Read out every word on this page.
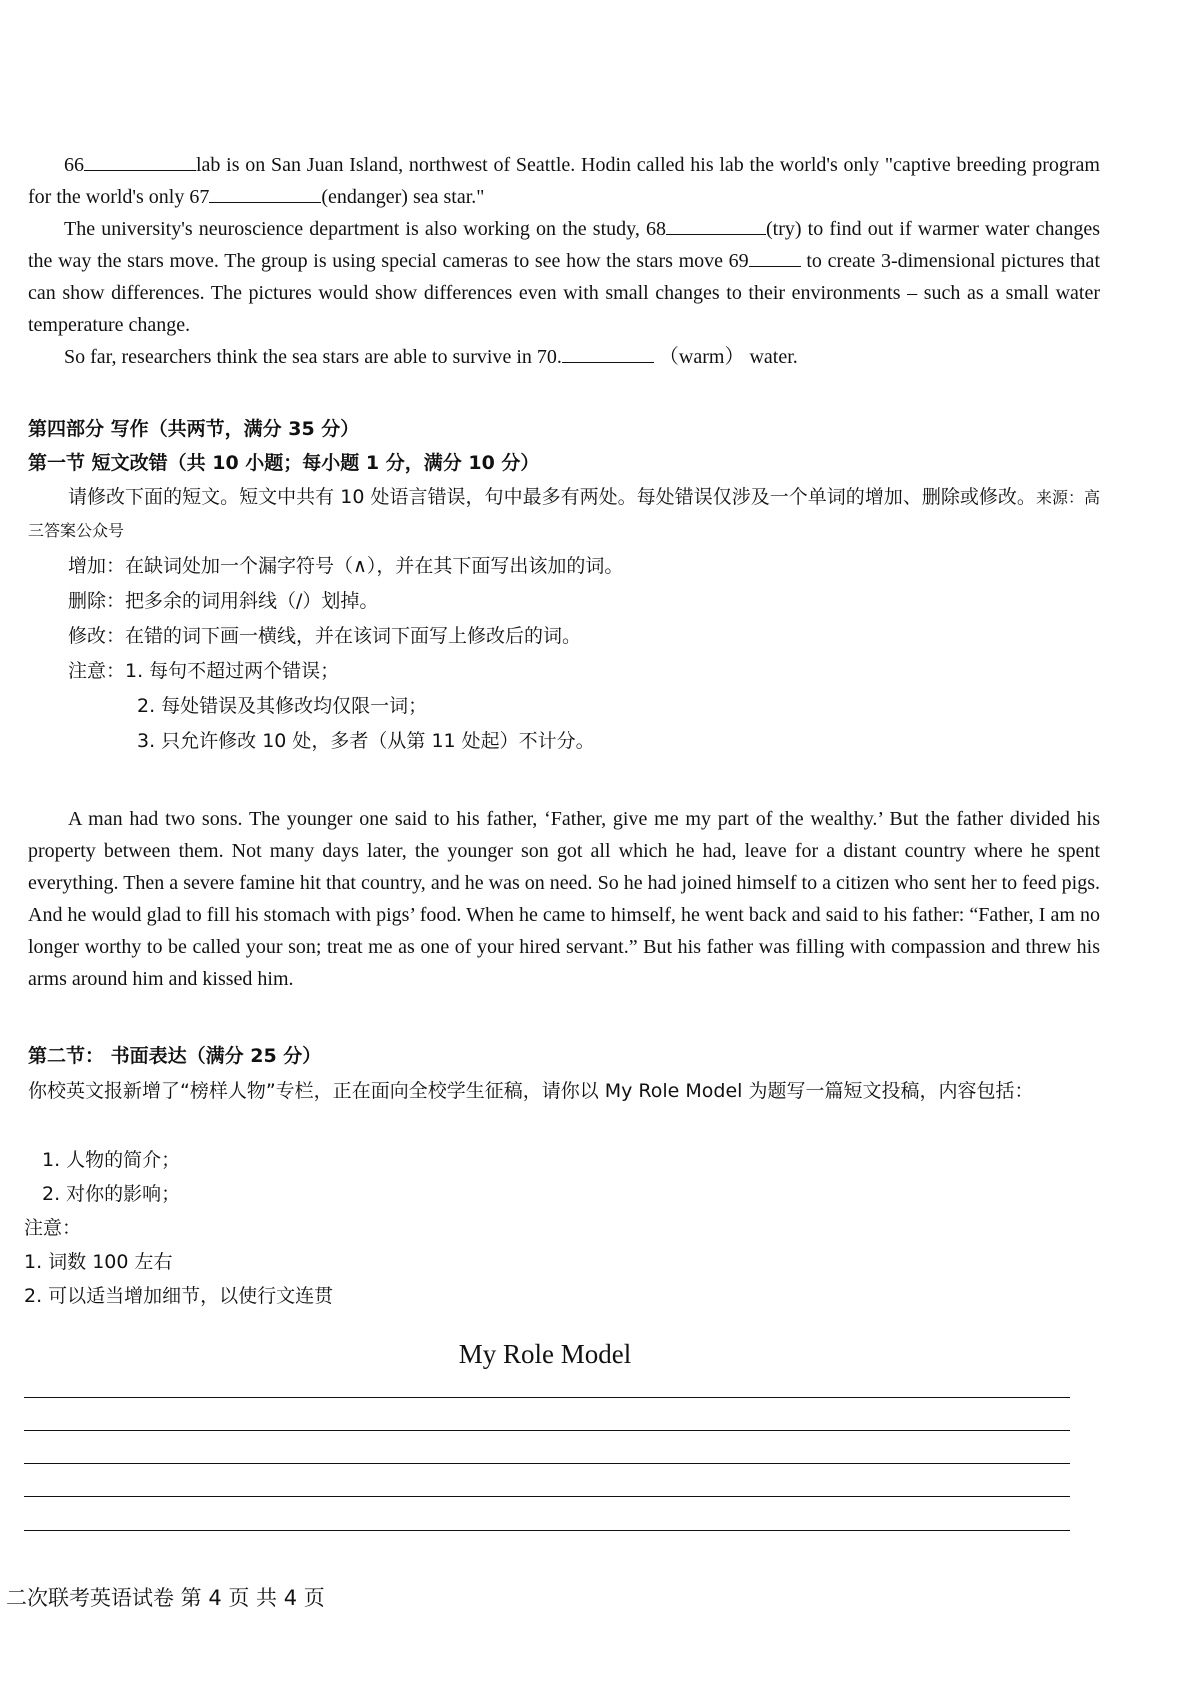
66	lab is on San Juan Island, northwest of Seattle. Hodin called his lab the world's only "captive breeding program for the world's only 67	(endanger) sea star."
The university's neuroscience department is also working on the study, 68	(try) to find out if warmer water changes the way the stars move. The group is using special cameras to see how the stars move 69	to create 3-dimensional pictures that can show differences. The pictures would show differences even with small changes to their environments – such as a small water temperature change.
So far, researchers think the sea stars are able to survive in 70.	（warm） water.
第四部分 写作（共两节，满分 35 分）
第一节 短文改错（共 10 小题；每小题 1 分，满分 10 分）
请修改下面的短文。短文中共有 10 处语言错误，句中最多有两处。每处错误仅涉及一个单词的增加、删除或修改。来源：高三答案公众号
增加：在缺词处加一个漏字符号（∧），并在其下面写出该加的词。
删除：把多余的词用斜线（/）划掉。
修改：在错的词下画一横线，并在该词下面写上修改后的词。
注意：1. 每句不超过两个错误；
2. 每处错误及其修改均仅限一词；
3. 只允许修改 10 处，多者（从第 11 处起）不计分。
A man had two sons. The younger one said to his father, ‘Father, give me my part of the wealthy.’ But the father divided his property between them. Not many days later, the younger son got all which he had, leave for a distant country where he spent everything. Then a severe famine hit that country, and he was on need. So he had joined himself to a citizen who sent her to feed pigs. And he would glad to fill his stomach with pigs’ food. When he came to himself, he went back and said to his father: “Father, I am no longer worthy to be called your son; treat me as one of your hired servant.” But his father was filling with compassion and threw his arms around him and kissed him.
第二节： 书面表达（满分 25 分）
你校英文报新增了“榜样人物”专栏，正在面向全校学生征稿，请你以 My Role Model 为题写一篇短文投稿，内容包括：
1. 人物的简介；
2. 对你的影响；
注意：
1. 词数 100 左右
2. 可以适当增加细节，以使行文连贯
My Role Model
二次联考英语试卷 第 4 页 共 4 页
